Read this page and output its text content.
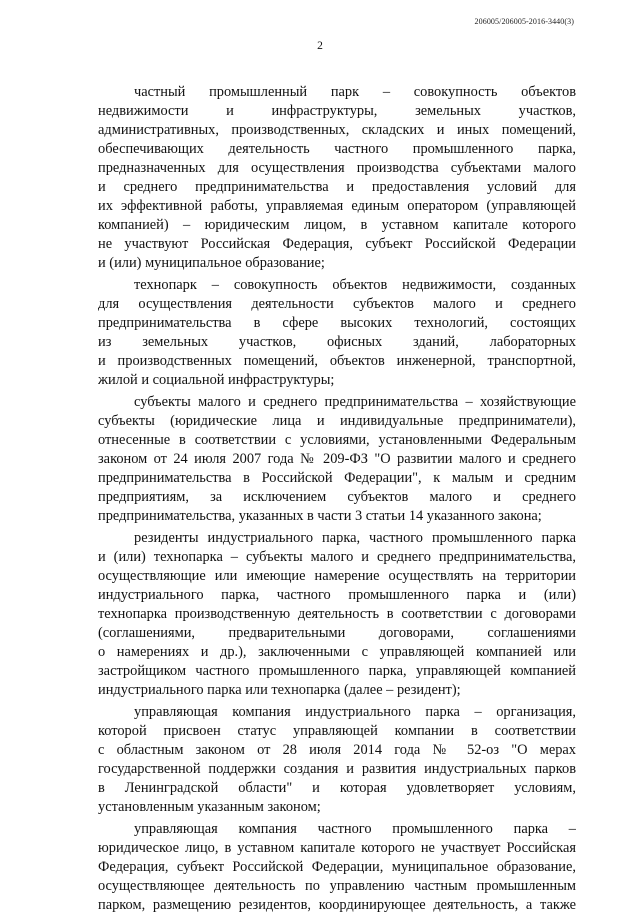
206005/206005-2016-3440(3)
2
частный промышленный парк – совокупность объектов
недвижимости и инфраструктуры, земельных участков,
административных, производственных, складских и иных помещений,
обеспечивающих деятельность частного промышленного парка,
предназначенных для осуществления производства субъектами малого
и среднего предпринимательства и предоставления условий для
их эффективной работы, управляемая единым оператором (управляющей
компанией) – юридическим лицом, в уставном капитале которого
не участвуют Российская Федерация, субъект Российской Федерации
и (или) муниципальное образование;
технопарк – совокупность объектов недвижимости, созданных
для осуществления деятельности субъектов малого и среднего
предпринимательства в сфере высоких технологий, состоящих
из земельных участков, офисных зданий, лабораторных
и производственных помещений, объектов инженерной, транспортной,
жилой и социальной инфраструктуры;
субъекты малого и среднего предпринимательства – хозяйствующие
субъекты (юридические лица и индивидуальные предприниматели),
отнесенные в соответствии с условиями, установленными Федеральным
законом от 24 июля 2007 года № 209-ФЗ "О развитии малого и среднего
предпринимательства в Российской Федерации", к малым и средним
предприятиям, за исключением субъектов малого и среднего
предпринимательства, указанных в части 3 статьи 14 указанного закона;
резиденты индустриального парка, частного промышленного парка
и (или) технопарка – субъекты малого и среднего предпринимательства,
осуществляющие или имеющие намерение осуществлять на территории
индустриального парка, частного промышленного парка и (или)
технопарка производственную деятельность в соответствии с договорами
(соглашениями, предварительными договорами, соглашениями
о намерениях и др.), заключенными с управляющей компанией или
застройщиком частного промышленного парка, управляющей компанией
индустриального парка или технопарка (далее – резидент);
управляющая компания индустриального парка – организация,
которой присвоен статус управляющей компании в соответствии
с областным законом от 28 июля 2014 года № 52-оз "О мерах
государственной поддержки создания и развития индустриальных парков
в Ленинградской области" и которая удовлетворяет условиям,
установленным указанным законом;
управляющая компания частного промышленного парка –
юридическое лицо, в уставном капитале которого не участвует Российская
Федерация, субъект Российской Федерации, муниципальное образование,
осуществляющее деятельность по управлению частным промышленным
парком, размещению резидентов, координирующее деятельность, а также
